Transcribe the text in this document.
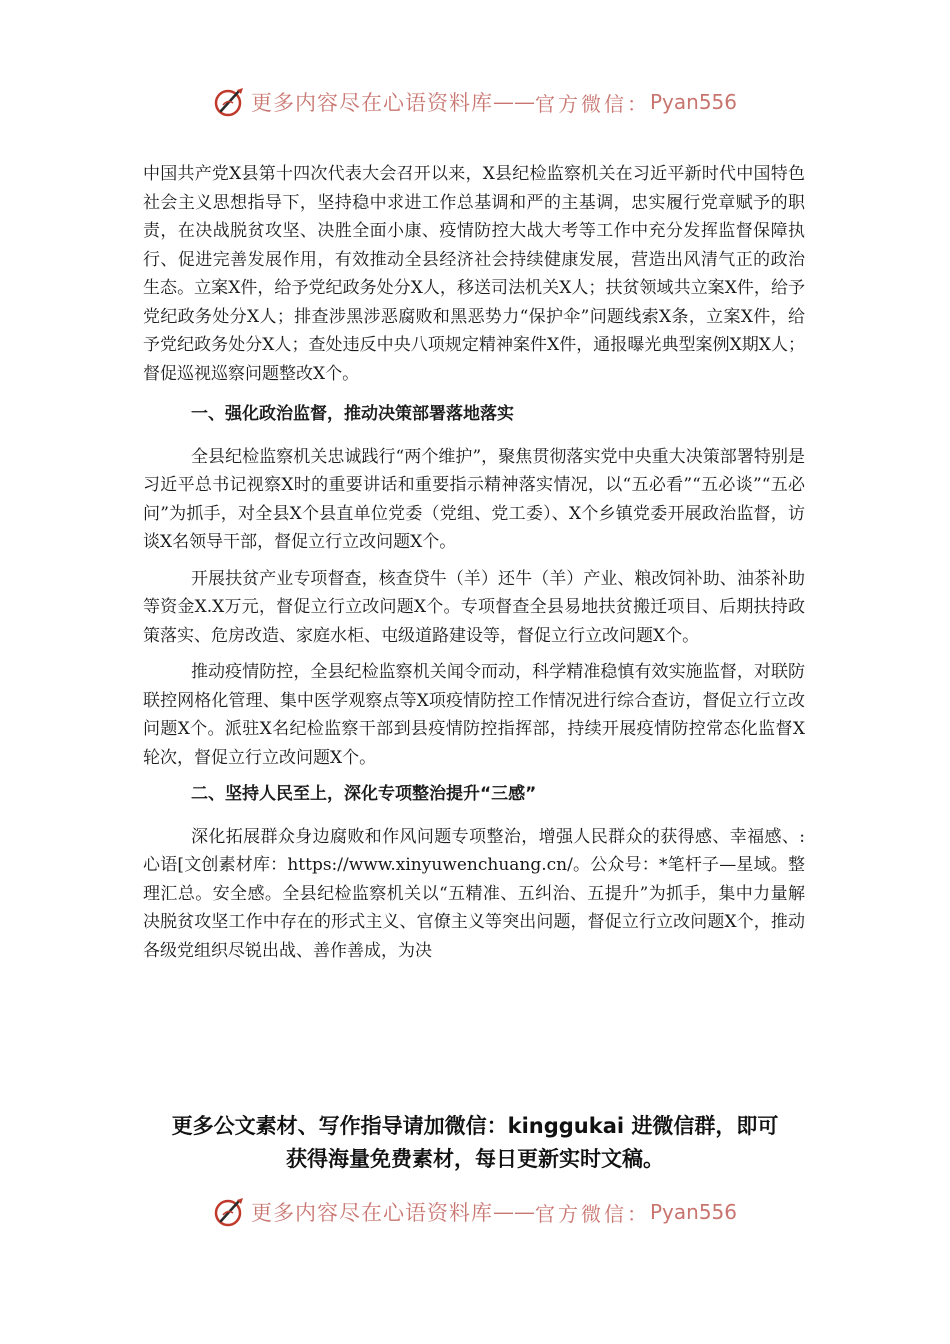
更多内容尽在心语资料库 —— 官方微信： Pyan556

中国共产党X县第十四次代表大会召开以来，X县纪检监察机关在习近平新时代中国特色社会主义思想指导下，坚持稳中求进工作总基调和严的主基调，忠实履行党章赋予的职责，在决战脱贫攻坚、决胜全面小康、疫情防控大战大考等工作中充分发挥监督保障执行、促进完善发展作用，有效推动全县经济社会持续健康发展，营造出风清气正的政治生态。立案X件，给予党纪政务处分X人，移送司法机关X人；扶贫领域共立案X件，给予党纪政务处分X人；排查涉黑涉恶腐败和黑恶势力“保护伞”问题线索X条，立案X件，给予党纪政务处分X人；查处违反中央八项规定精神案件X件，通报曝光典型案例X期X人；督促巡视巡察问题整改X个。

一、强化政治监督，推动决策部署落地落实

全县纪检监察机关忠诚践行“两个维护”，聚焦贯彻落实党中央重大决策部署特别是习近平总书记视察X时的重要讲话和重要指示精神落实情况，以“五必看”“五必谈”“五必问”为抓手，对全县X个县直单位党委（党组、党工委）、X个乡镇党委开展政治监督，访谈X名领导干部，督促立行立改问题X个。

开展扶贫产业专项督查，核查贷牛（羊）还牛（羊）产业、粮改饲补助、油茶补助等资金X.X万元，督促立行立改问题X个。专项督查全县易地扶贫搬迁项目、后期扶持政策落实、危房改造、家庭水柜、屯级道路建设等，督促立行立改问题X个。

推动疫情防控，全县纪检监察机关闻令而动，科学精准稳慎有效实施监督，对联防联控网格化管理、集中医学观察点等X项疫情防控工作情况进行综合查访，督促立行立改问题X个。派驻X名纪检监察干部到县疫情防控指挥部，持续开展疫情防控常态化监督X轮次，督促立行立改问题X个。

二、坚持人民至上，深化专项整治提升“三感”

深化拓展群众身边腐败和作风问题专项整治，增强人民群众的获得感、幸福感、:心语[文创素材库：https://www.xinyuwenchuang.cn/。公众号：*笔杆子—星域。整理汇总。安全感。全县纪检监察机关以“五精准、五纠治、五提升”为抓手，集中力量解决脱贫攻坚工作中存在的形式主义、官僚主义等突出问题，督促立行立改问题X个，推动各级党组织尽锐出战、善作善成，为决

更多公文素材、写作指导请加微信：kinggukai 进微信群，即可
获得海量免费素材，每日更新实时文稿。
更多内容尽在心语资料库 —— 官方微信： Pyan556
